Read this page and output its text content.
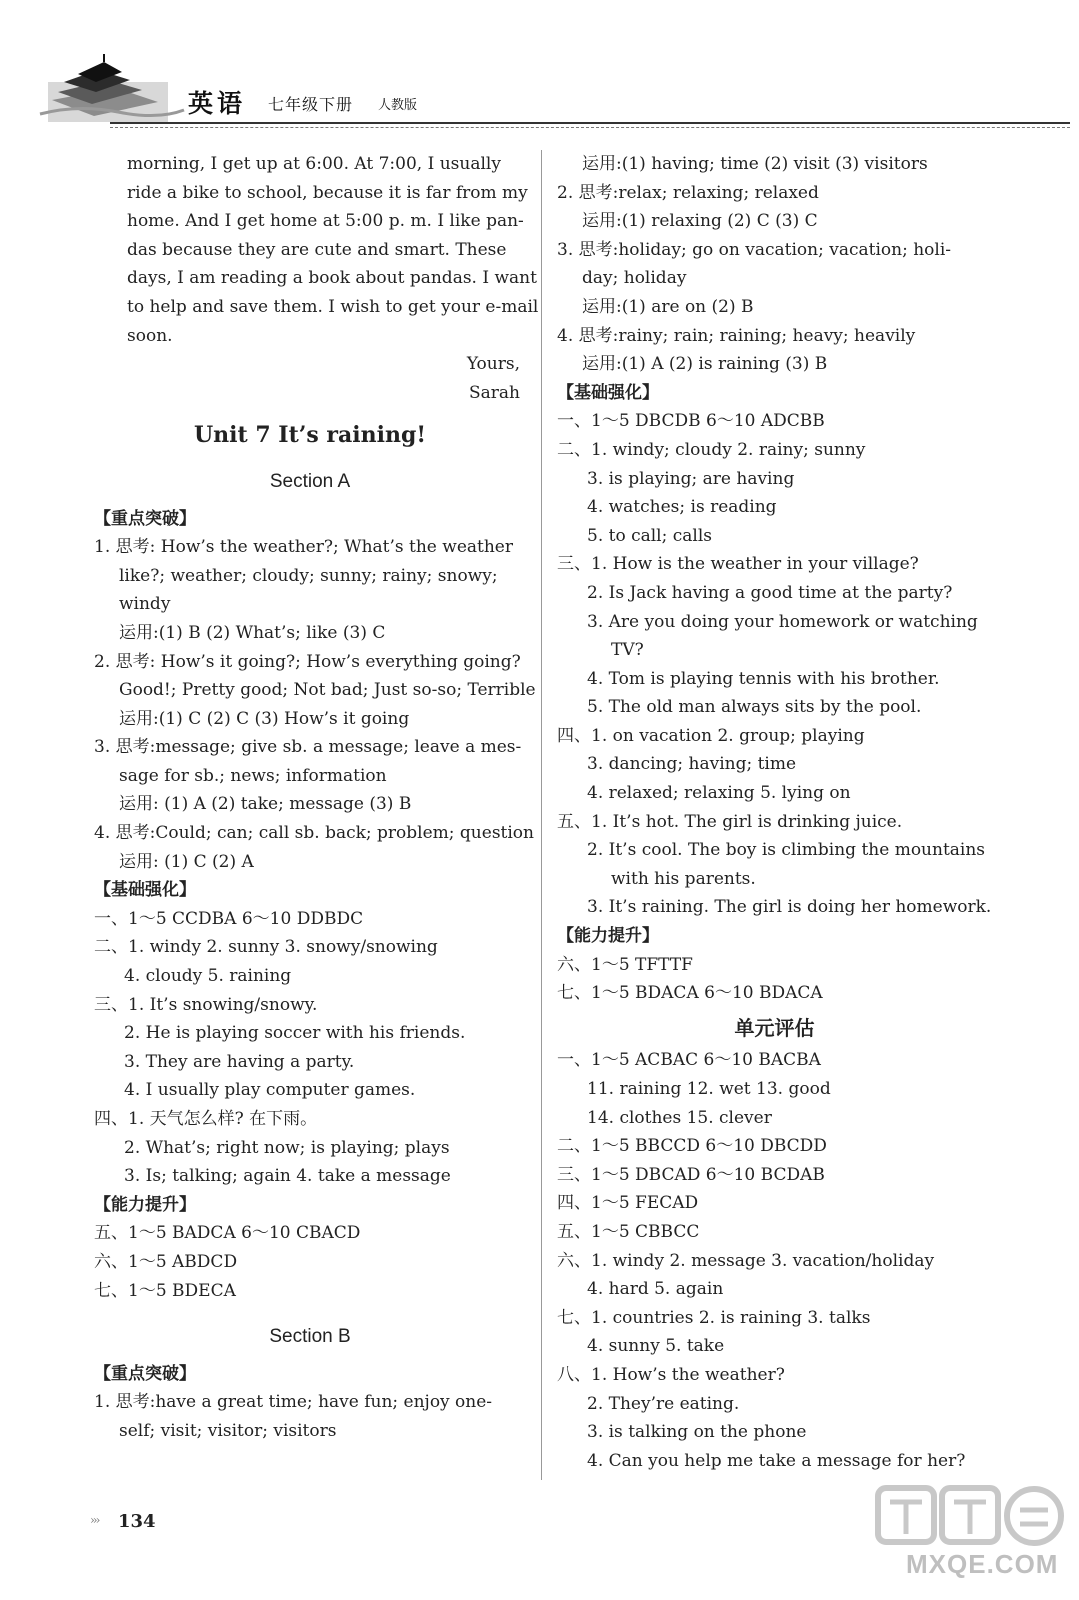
英语 七年级下册 人教版
morning, I get up at 6:00. At 7:00, I usually
ride a bike to school, because it is far from my
home. And I get home at 5:00 p. m. I like pan-
das because they are cute and smart. These
days, I am reading a book about pandas. I want
to help and save them. I wish to get your e-mail
soon.
Yours,
Sarah
Unit 7 It’s raining!
Section A
【重点突破】
1. 思考: How’s the weather?; What’s the weather
like?; weather; cloudy; sunny; rainy; snowy;
windy
运用:(1) B (2) What’s; like (3) C
2. 思考: How’s it going?; How’s everything going?
Good!; Pretty good; Not bad; Just so-so; Terrible
运用:(1) C (2) C (3) How’s it going
3. 思考:message; give sb. a message; leave a mes-
sage for sb.; news; information
运用: (1) A (2) take; message (3) B
4. 思考:Could; can; call sb. back; problem; question
运用: (1) C (2) A
【基础强化】
一、1～5 CCDBA 6～10 DDBDC
二、1. windy 2. sunny 3. snowy/snowing
4. cloudy 5. raining
三、1. It’s snowing/snowy.
2. He is playing soccer with his friends.
3. They are having a party.
4. I usually play computer games.
四、1. 天气怎么样? 在下雨。
2. What’s; right now; is playing; plays
3. Is; talking; again 4. take a message
【能力提升】
五、1～5 BADCA 6～10 CBACD
六、1～5 ABDCD
七、1～5 BDECA
Section B
【重点突破】
1. 思考:have a great time; have fun; enjoy one-
self; visit; visitor; visitors
运用:(1) having; time (2) visit (3) visitors
2. 思考:relax; relaxing; relaxed
运用:(1) relaxing (2) C (3) C
3. 思考:holiday; go on vacation; vacation; holi-
day; holiday
运用:(1) are on (2) B
4. 思考:rainy; rain; raining; heavy; heavily
运用:(1) A (2) is raining (3) B
【基础强化】
一、1～5 DBCDB 6～10 ADCBB
二、1. windy; cloudy 2. rainy; sunny
3. is playing; are having
4. watches; is reading
5. to call; calls
三、1. How is the weather in your village?
2. Is Jack having a good time at the party?
3. Are you doing your homework or watching
TV?
4. Tom is playing tennis with his brother.
5. The old man always sits by the pool.
四、1. on vacation 2. group; playing
3. dancing; having; time
4. relaxed; relaxing 5. lying on
五、1. It’s hot. The girl is drinking juice.
2. It’s cool. The boy is climbing the mountains
with his parents.
3. It’s raining. The girl is doing her homework.
【能力提升】
六、1～5 TFTTF
七、1～5 BDACA 6～10 BDACA
单元评估
一、1～5 ACBAC 6～10 BACBA
11. raining 12. wet 13. good
14. clothes 15. clever
二、1～5 BBCCD 6～10 DBCDD
三、1～5 DBCAD 6～10 BCDAB
四、1～5 FECAD
五、1～5 CBBCC
六、1. windy 2. message 3. vacation/holiday
4. hard 5. again
七、1. countries 2. is raining 3. talks
4. sunny 5. take
八、1. How’s the weather?
2. They’re eating.
3. is talking on the phone
4. Can you help me take a message for her?
››› 134
MXQE.COM
